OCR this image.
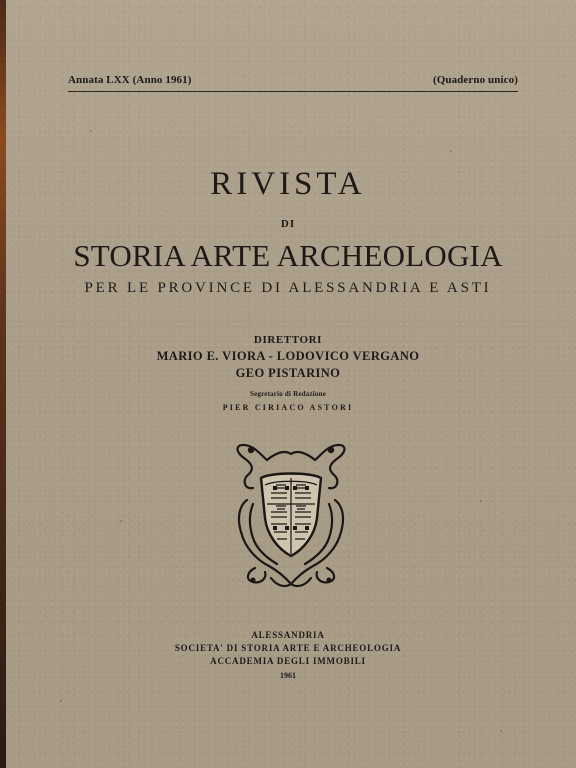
Annata LXX (Anno 1961)	(Quaderno unico)
RIVISTA
DI
STORIA ARTE ARCHEOLOGIA
PER LE PROVINCE DI ALESSANDRIA E ASTI
DIRETTORI
MARIO E. VIORA - LODOVICO VERGANO
GEO PISTARINO
Segretario di Redazione
PIER CIRIACO ASTORI
ALESSANDRIA
SOCIETA' DI STORIA ARTE E ARCHEOLOGIA
ACCADEMIA DEGLI IMMOBILI
1961
